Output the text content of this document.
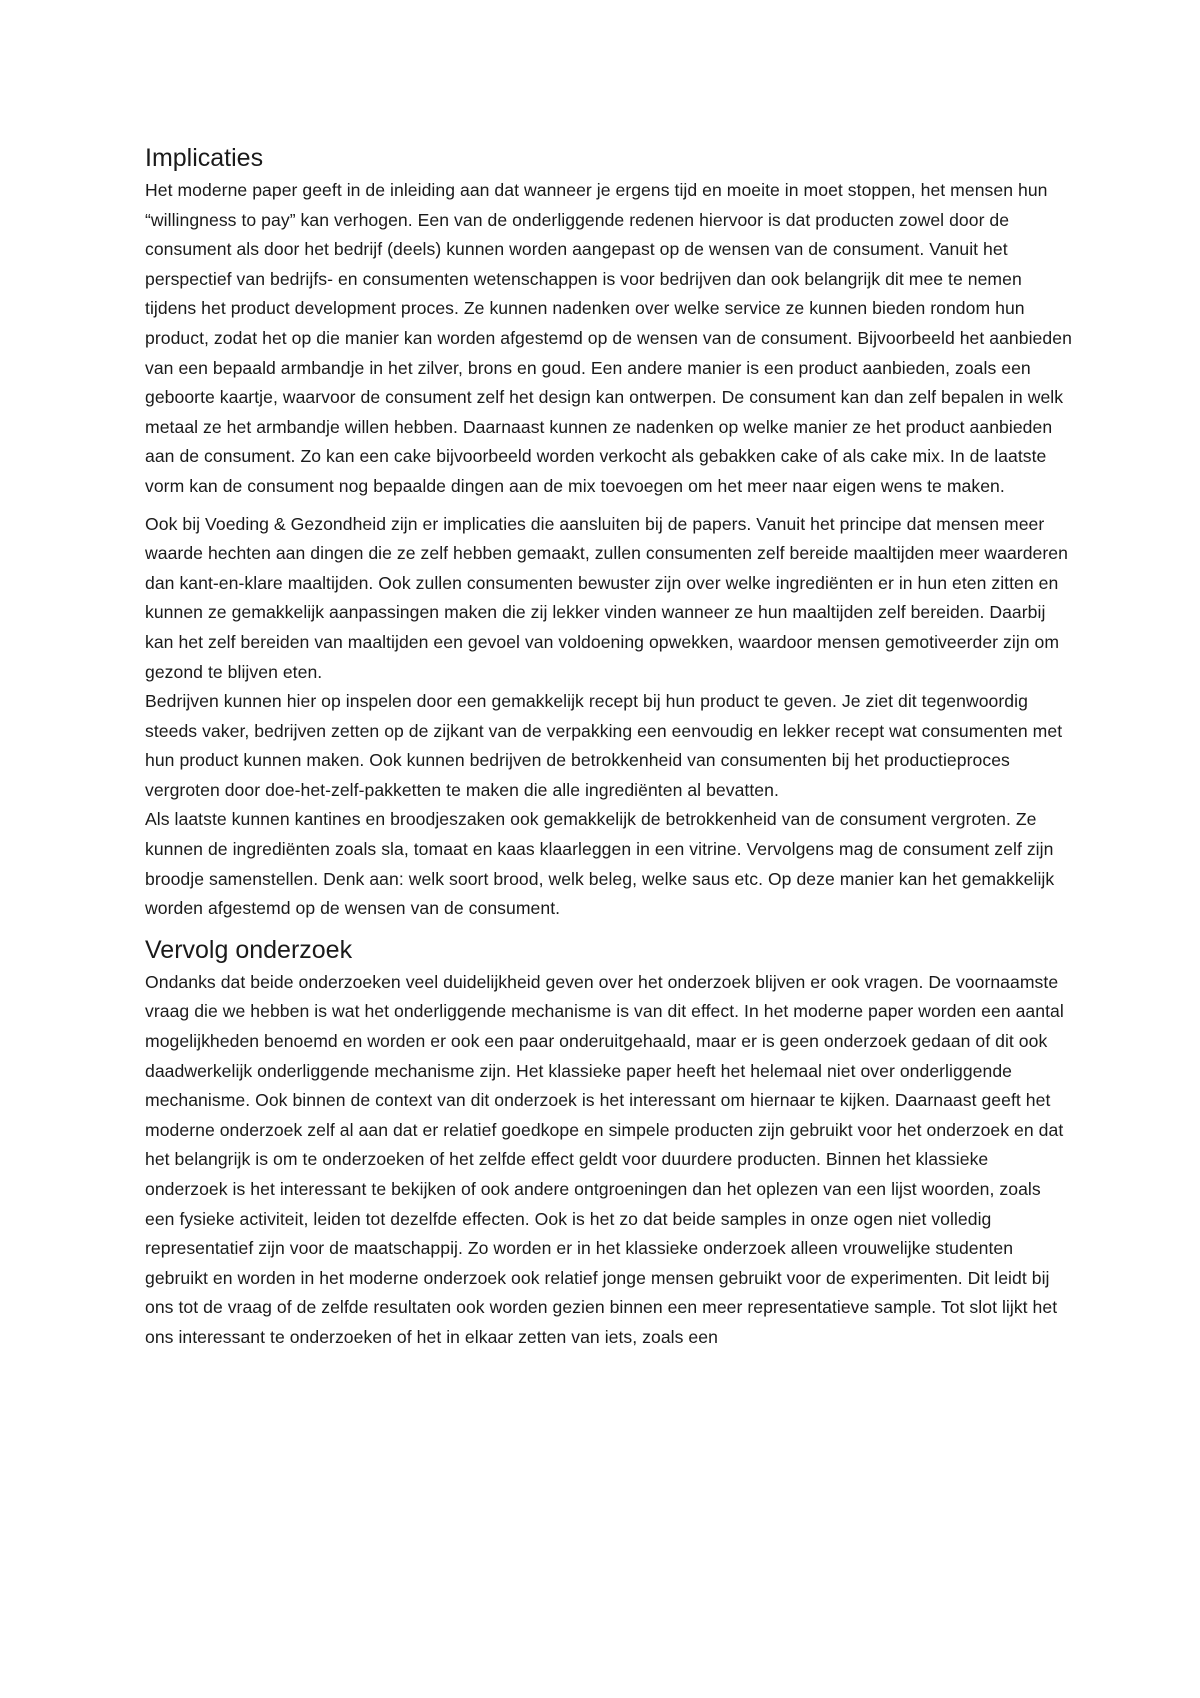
Implicaties

Het moderne paper geeft in de inleiding aan dat wanneer je ergens tijd en moeite in moet stoppen, het mensen hun “willingness to pay” kan verhogen. Een van de onderliggende redenen hiervoor is dat producten zowel door de consument als door het bedrijf (deels) kunnen worden aangepast op de wensen van de consument. Vanuit het perspectief van bedrijfs- en consumenten wetenschappen is voor bedrijven dan ook belangrijk dit mee te nemen tijdens het product development proces. Ze kunnen nadenken over welke service ze kunnen bieden rondom hun product, zodat het op die manier kan worden afgestemd op de wensen van de consument. Bijvoorbeeld het aanbieden van een bepaald armbandje in het zilver, brons en goud. Een andere manier is een product aanbieden, zoals een geboorte kaartje, waarvoor de consument zelf het design kan ontwerpen. De consument kan dan zelf bepalen in welk metaal ze het armbandje willen hebben. Daarnaast kunnen ze nadenken op welke manier ze het product aanbieden aan de consument. Zo kan een cake bijvoorbeeld worden verkocht als gebakken cake of als cake mix. In de laatste vorm kan de consument nog bepaalde dingen aan de mix toevoegen om het meer naar eigen wens te maken.

Ook bij Voeding & Gezondheid zijn er implicaties die aansluiten bij de papers. Vanuit het principe dat mensen meer waarde hechten aan dingen die ze zelf hebben gemaakt, zullen consumenten zelf bereide maaltijden meer waarderen dan kant-en-klare maaltijden. Ook zullen consumenten bewuster zijn over welke ingrediënten er in hun eten zitten en kunnen ze gemakkelijk aanpassingen maken die zij lekker vinden wanneer ze hun maaltijden zelf bereiden. Daarbij kan het zelf bereiden van maaltijden een gevoel van voldoening opwekken, waardoor mensen gemotiveerder zijn om gezond te blijven eten.

Bedrijven kunnen hier op inspelen door een gemakkelijk recept bij hun product te geven. Je ziet dit tegenwoordig steeds vaker, bedrijven zetten op de zijkant van de verpakking een eenvoudig en lekker recept wat consumenten met hun product kunnen maken. Ook kunnen bedrijven de betrokkenheid van consumenten bij het productieproces vergroten door doe-het-zelf-pakketten te maken die alle ingrediënten al bevatten.

Als laatste kunnen kantines en broodjeszaken ook gemakkelijk de betrokkenheid van de consument vergroten. Ze kunnen de ingrediënten zoals sla, tomaat en kaas klaarleggen in een vitrine. Vervolgens mag de consument zelf zijn broodje samenstellen. Denk aan: welk soort brood, welk beleg, welke saus etc. Op deze manier kan het gemakkelijk worden afgestemd op de wensen van de consument.

Vervolg onderzoek

Ondanks dat beide onderzoeken veel duidelijkheid geven over het onderzoek blijven er ook vragen. De voornaamste vraag die we hebben is wat het onderliggende mechanisme is van dit effect. In het moderne paper worden een aantal mogelijkheden benoemd en worden er ook een paar onderuitgehaald, maar er is geen onderzoek gedaan of dit ook daadwerkelijk onderliggende mechanisme zijn. Het klassieke paper heeft het helemaal niet over onderliggende mechanisme. Ook binnen de context van dit onderzoek is het interessant om hiernaar te kijken. Daarnaast geeft het moderne onderzoek zelf al aan dat er relatief goedkope en simpele producten zijn gebruikt voor het onderzoek en dat het belangrijk is om te onderzoeken of het zelfde effect geldt voor duurdere producten. Binnen het klassieke onderzoek is het interessant te bekijken of ook andere ontgroeningen dan het oplezen van een lijst woorden, zoals een fysieke activiteit, leiden tot dezelfde effecten. Ook is het zo dat beide samples in onze ogen niet volledig representatief zijn voor de maatschappij. Zo worden er in het klassieke onderzoek alleen vrouwelijke studenten gebruikt en worden in het moderne onderzoek ook relatief jonge mensen gebruikt voor de experimenten. Dit leidt bij ons tot de vraag of de zelfde resultaten ook worden gezien binnen een meer representatieve sample. Tot slot lijkt het ons interessant te onderzoeken of het in elkaar zetten van iets, zoals een
